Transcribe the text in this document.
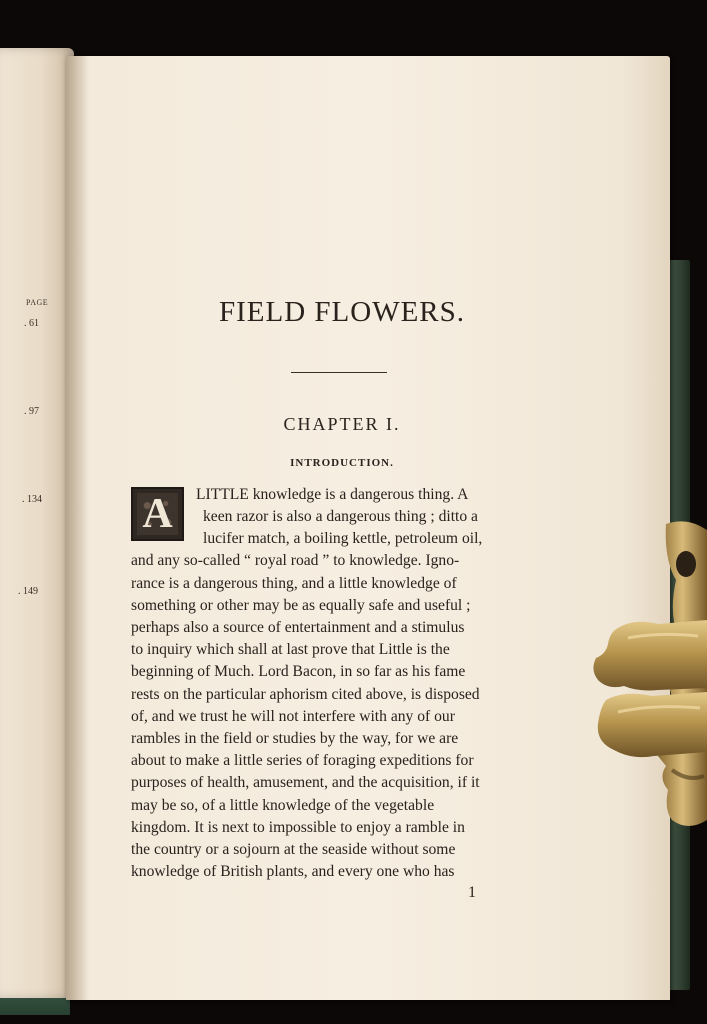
PAGE
. 61
. 97
. 134
. 149
FIELD FLOWERS.
CHAPTER I.
INTRODUCTION.
A	LITTLE knowledge is a dangerous thing. A
keen razor is also a dangerous thing ; ditto a
lucifer match, a boiling kettle, petroleum oil,
and any so-called “ royal road ” to knowledge. Igno-
rance is a dangerous thing, and a little knowledge of
something or other may be as equally safe and useful ;
perhaps also a source of entertainment and a stimulus
to inquiry which shall at last prove that Little is the
beginning of Much. Lord Bacon, in so far as his fame
rests on the particular aphorism cited above, is disposed
of, and we trust he will not interfere with any of our
rambles in the field or studies by the way, for we are
about to make a little series of foraging expeditions for
purposes of health, amusement, and the acquisition, if it
may be so, of a little knowledge of the vegetable
kingdom. It is next to impossible to enjoy a ramble in
the country or a sojourn at the seaside without some
knowledge of British plants, and every one who has
1
